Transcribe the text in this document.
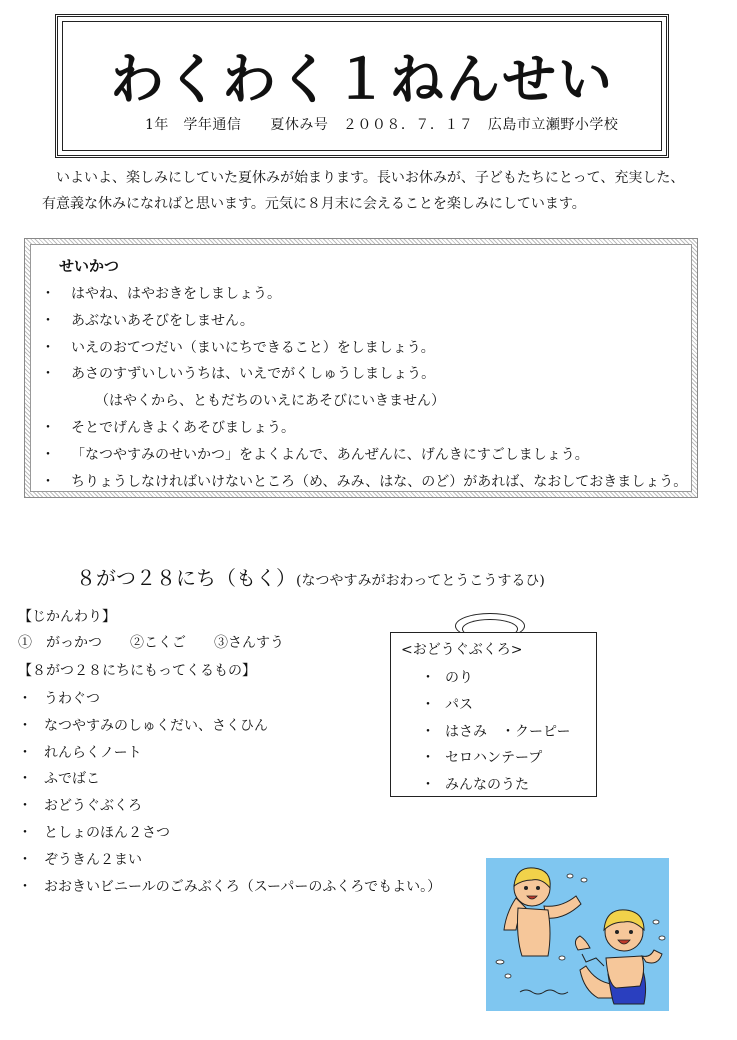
わくわく１ねんせい
1年　学年通信　　夏休み号　２００８．７．１７　広島市立瀬野小学校

　いよいよ、楽しみにしていた夏休みが始まります。長いお休みが、子どもたちにとって、充実した、

有意義な休みになればと思います。元気に８月末に会えることを楽しみにしています。

せいかつ
・ はやね、はやおきをしましょう。
・ あぶないあそびをしません。
・ いえのおてつだい（まいにちできること）をしましょう。
・ あさのすずいしいうちは、いえでがくしゅうしましょう。
（はやくから、ともだちのいえにあそびにいきません）
・ そとでげんきよくあそびましょう。
・ 「なつやすみのせいかつ」をよくよんで、あんぜんに、げんきにすごしましょう。
・ ちりょうしなければいけないところ（め、みみ、はな、のど）があれば、なおしておきましょう。
８がつ２８にち（もく）(なつやすみがおわってとうこうするひ)
【じかんわり】
①　がっかつ　　②こくご　　③さんすう
【８がつ２８にちにもってくるもの】
・ うわぐつ
・ なつやすみのしゅくだい、さくひん
・ れんらくノート
・ ふでばこ
・ おどうぐぶくろ
・ としょのほん２さつ
・ ぞうきん２まい
・ おおきいビニールのごみぶくろ（スーパーのふくろでもよい。）
<おどうぐぶくろ>
・ のり
・ パス
・ はさみ　・クーピー
・ セロハンテープ
・ みんなのうた
